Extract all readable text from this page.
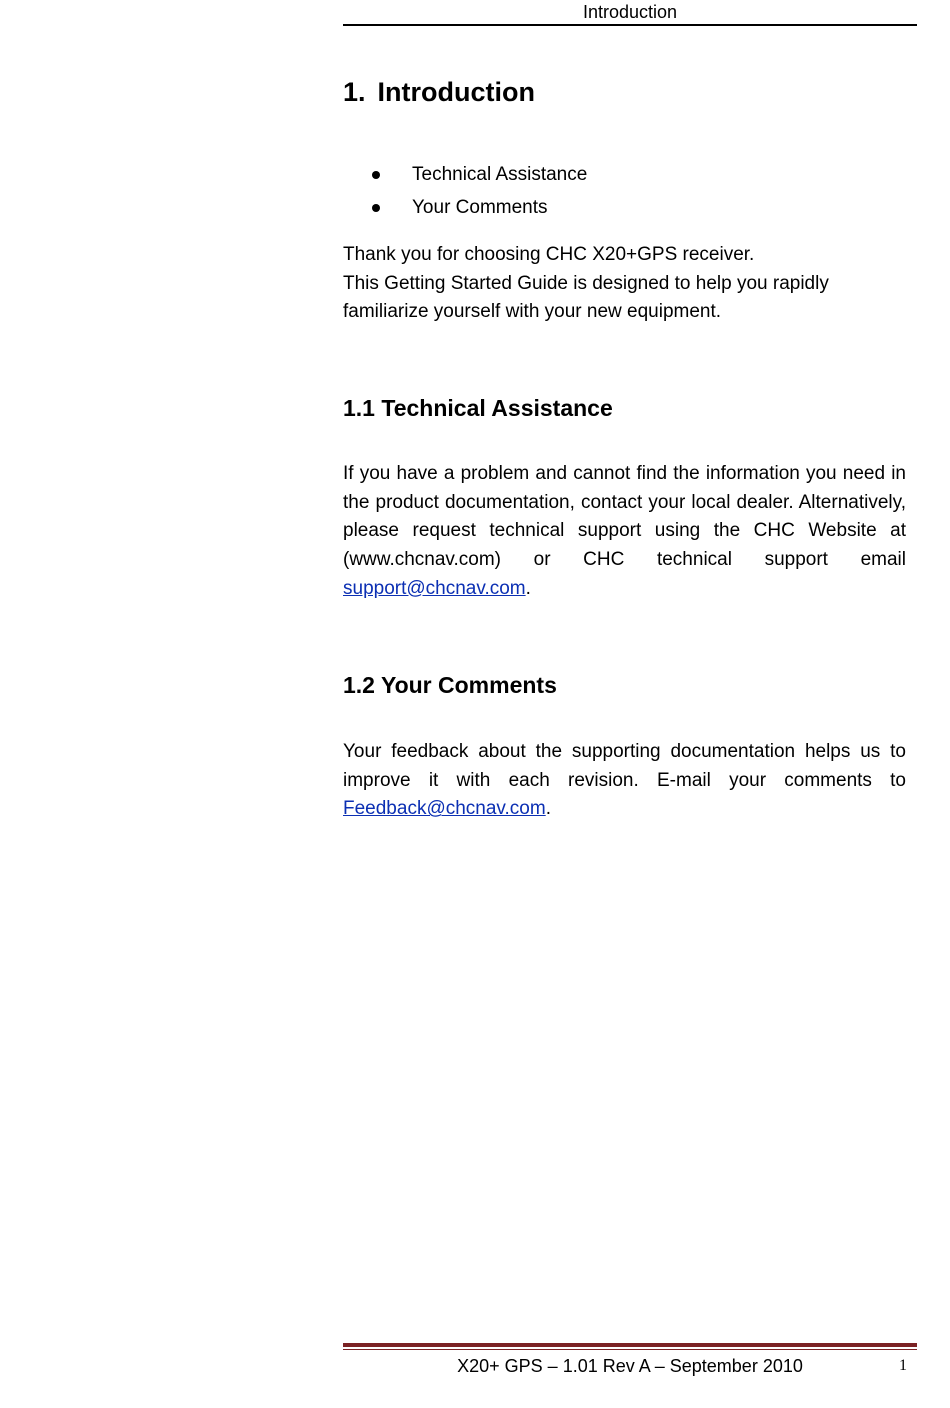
Introduction
1. Introduction
Technical Assistance
Your Comments

Thank you for choosing CHC X20+GPS receiver.
This Getting Started Guide is designed to help you rapidly familiarize yourself with your new equipment.

1.1 Technical Assistance

If you have a problem and cannot find the information you need in the product documentation, contact your local dealer. Alternatively, please request technical support using the CHC Website at (www.chcnav.com) or CHC technical support email support@chcnav.com.

1.2 Your Comments

Your feedback about the supporting documentation helps us to improve it with each revision. E-mail your comments to Feedback@chcnav.com.

X20+ GPS – 1.01 Rev A – September 2010	1
